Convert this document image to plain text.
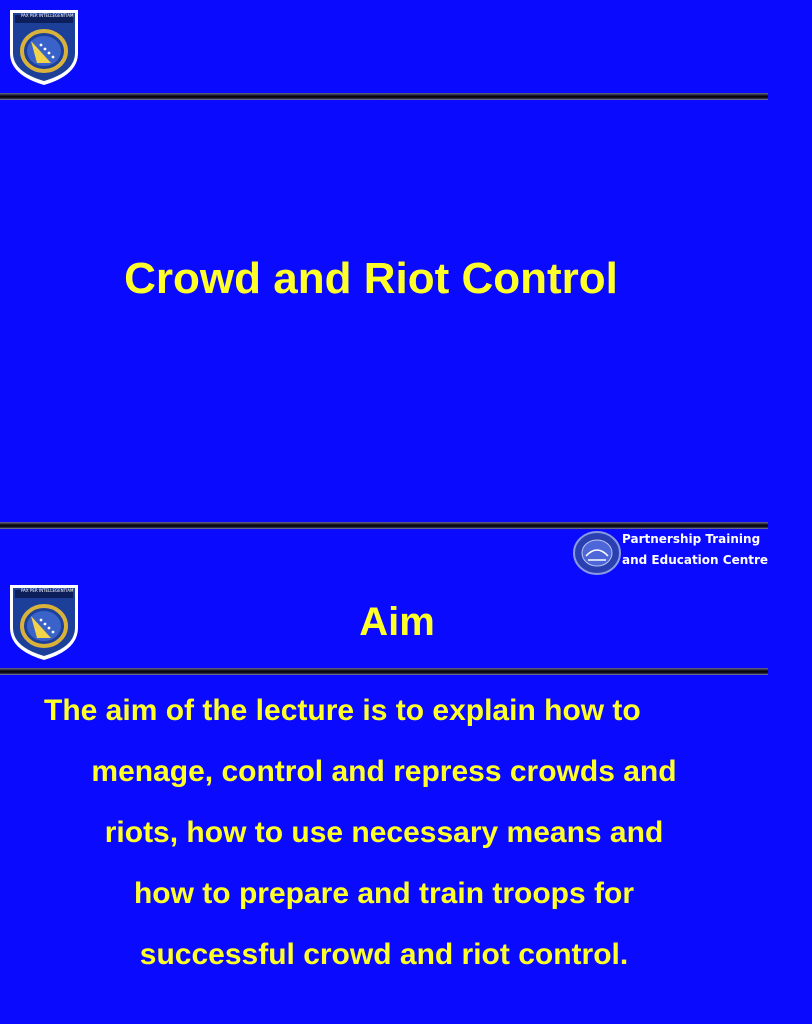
PAX PER INTELLEGENTIAM
Crowd and Riot Control
Partnership Training
and Education Centre
PAX PER INTELLEGENTIAM
Aim
The aim of the lecture is to explain how to
menage, control and repress crowds and
riots, how to use necessary means and
how to prepare and train troops for
successful crowd and riot control.
